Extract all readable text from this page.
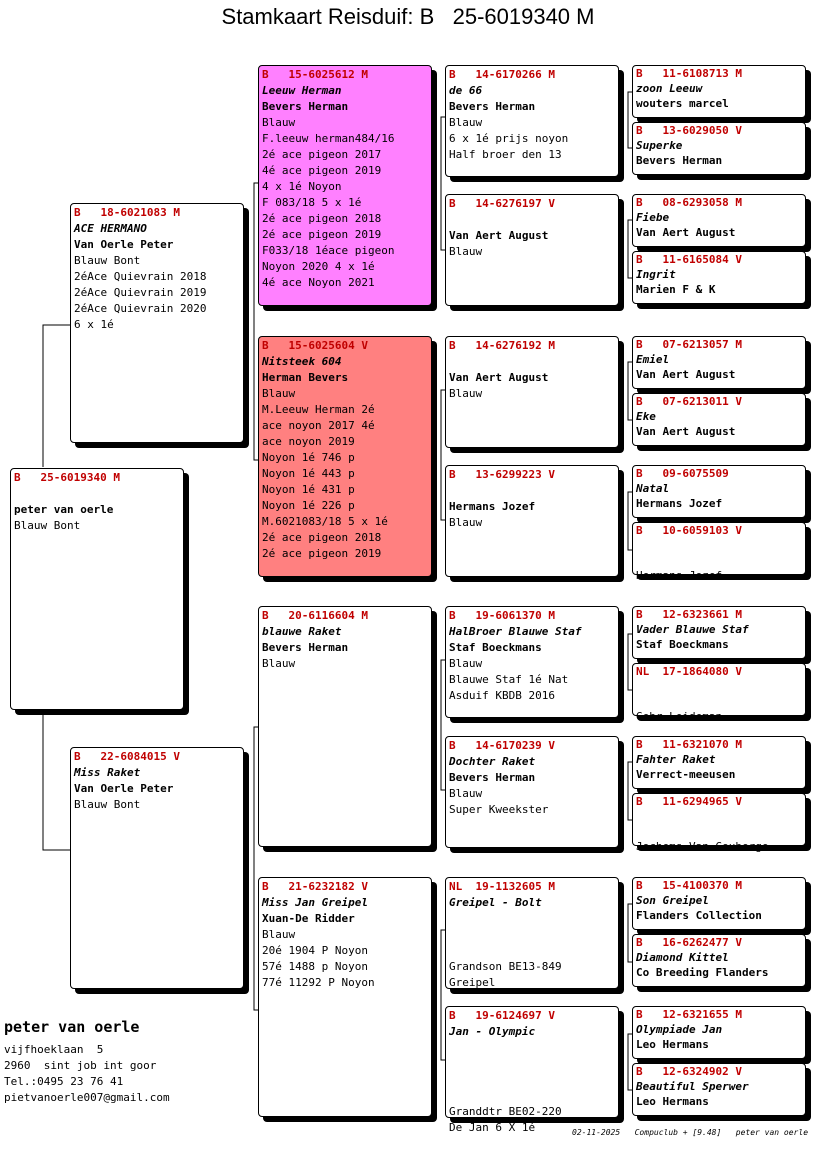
Stamkaart Reisduif: B   25-6019340 M
B   25-6019340 M
peter van oerle
Blauw Bont
B   18-6021083 M
ACE HERMANO
Van Oerle Peter
Blauw Bont
2éAce Quievrain 2018
2éAce Quievrain 2019
2éAce Quievrain 2020
6 x 1é
B   22-6084015 V
Miss Raket
Van Oerle Peter
Blauw Bont
B   15-6025612 M
Leeuw Herman
Bevers Herman
Blauw
F.leeuw herman484/16
2é ace pigeon 2017
4é ace pigeon 2019
4 x 1é Noyon
F 083/18 5 x 1é
2é ace pigeon 2018
2é ace pigeon 2019
F033/18 1éace pigeon
Noyon 2020 4 x 1é
4é ace Noyon 2021
B   15-6025604 V
Nitsteek 604
Herman Bevers
Blauw
M.Leeuw Herman 2é
ace noyon 2017 4é
ace noyon 2019
Noyon 1é 746 p
Noyon 1é 443 p
Noyon 1é 431 p
Noyon 1é 226 p
M.6021083/18 5 x 1é
2é ace pigeon 2018
2é ace pigeon 2019
B   20-6116604 M
blauwe Raket
Bevers Herman
Blauw
B   21-6232182 V
Miss Jan Greipel
Xuan-De Ridder
Blauw
20é 1904 P Noyon
57é 1488 p Noyon
77é 11292 P Noyon
B   14-6170266 M
de 66
Bevers Herman
Blauw
6 x 1é prijs noyon
Half broer den 13
B   14-6276197 V
Van Aert August
Blauw
B   14-6276192 M
Van Aert August
Blauw
B   13-6299223 V
Hermans Jozef
Blauw
B   19-6061370 M
HalBroer Blauwe Staf
Staf Boeckmans
Blauw
Blauwe Staf 1é Nat
Asduif KBDB 2016
B   14-6170239 V
Dochter Raket
Bevers Herman
Blauw
Super Kweekster
NL  19-1132605 M
Greipel - Bolt
Grandson BE13-849
Greipel
B   19-6124697 V
Jan - Olympic
Granddtr BE02-220
De Jan 6 X 1é
B   11-6108713 M
zoon Leeuw
wouters marcel
B   13-6029050 V
Superke
Bevers Herman
B   08-6293058 M
Fiebe
Van Aert August
B   11-6165084 V
Ingrit
Marien F & K
B   07-6213057 M
Emiel
Van Aert August
B   07-6213011 V
Eke
Van Aert August
B   09-6075509
Natal
Hermans Jozef
B   10-6059103 V
Hermans Jozef
B   12-6323661 M
Vader Blauwe Staf
Staf Boeckmans
NL  17-1864080 V
Gebr Leideman
B   11-6321070 M
Fahter Raket
Verrect-meeusen
B   11-6294965 V
Jochems-Van Gouberge
B   15-4100370 M
Son Greipel
Flanders Collection
B   16-6262477 V
Diamond Kittel
Co Breeding Flanders
B   12-6321655 M
Olympiade Jan
Leo Hermans
B   12-6324902 V
Beautiful Sperwer
Leo Hermans
peter van oerle
vijfhoeklaan  5
2960  sint job int goor
Tel.:0495 23 76 41
pietvanoerle007@gmail.com
02-11-2025   Compuclub + [9.48]   peter van oerle
